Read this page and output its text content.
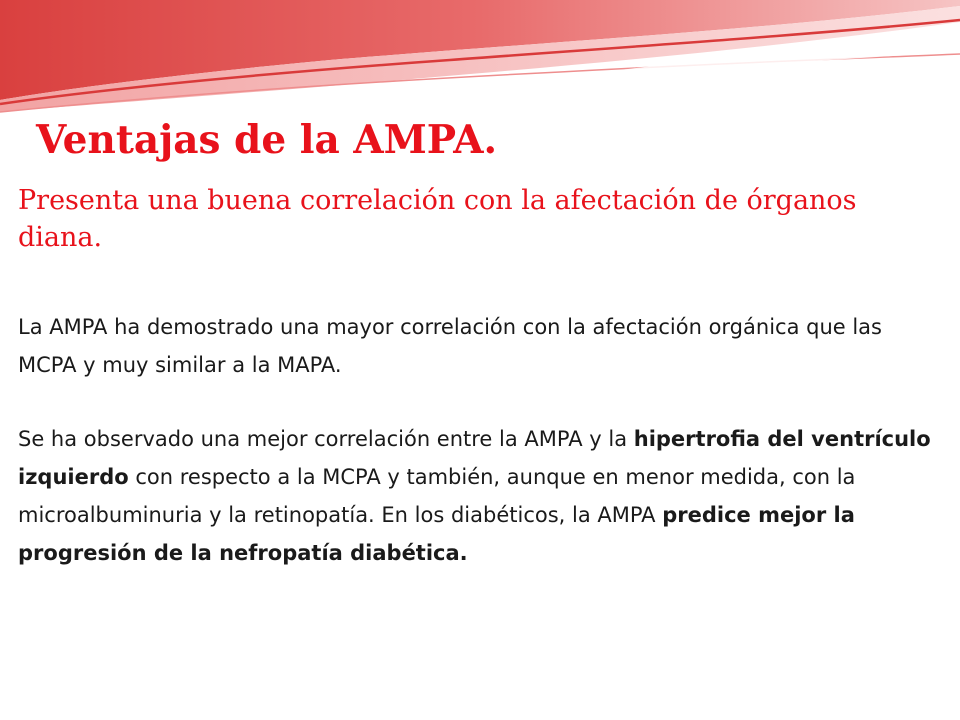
Ventajas de la AMPA.

Presenta una buena correlación con la afectación de órganos diana.

La AMPA ha demostrado una mayor correlación con la afectación orgánica que las MCPA y muy similar a la MAPA.

Se ha observado una mejor correlación entre la AMPA y la hipertrofia del ventrículo izquierdo con respecto a la MCPA y también, aunque en menor medida, con la microalbuminuria y la retinopatía. En los diabéticos, la AMPA predice mejor la progresión de la nefropatía diabética.
